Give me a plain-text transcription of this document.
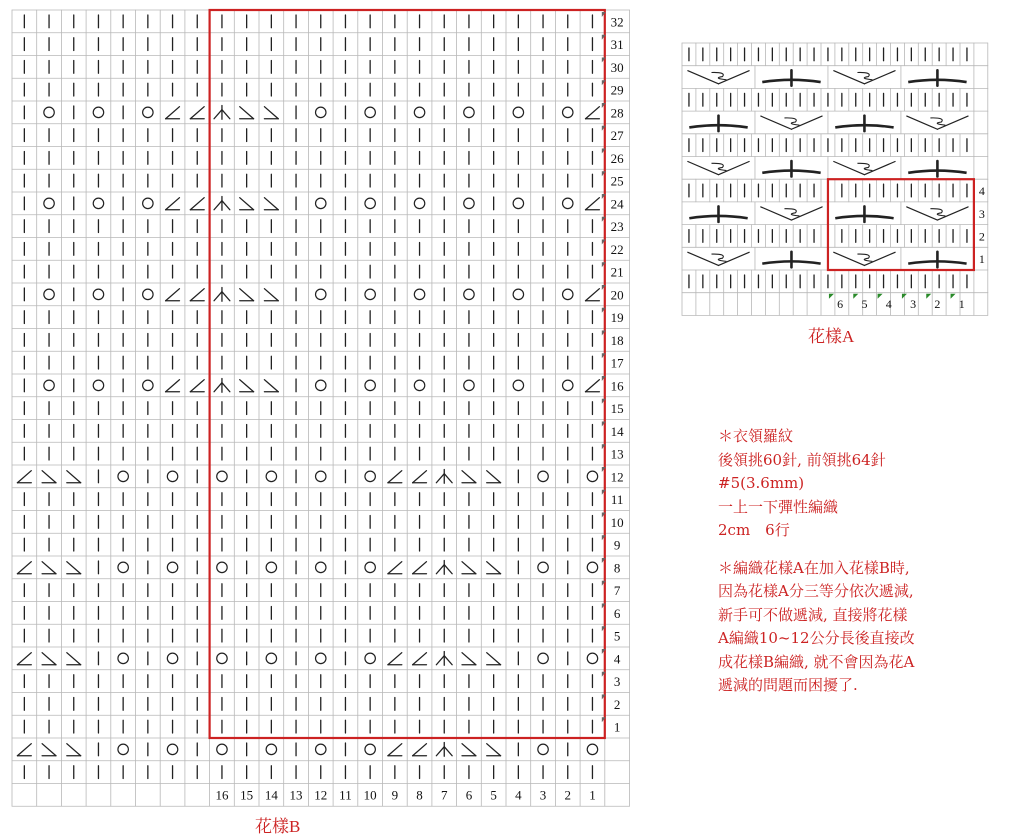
1
2
3
4
5
6
7
8
9
10
11
12
13
14
15
16
17
18
19
20
21
22
23
24
25
26
27
28
29
30
31
32
16 15 14 13 12 11 10 9 8 7 6 5 4 3 2 1
花樣B
1
2
3
4
6 5 4 3 2 1
花樣A
＊衣領羅紋
後領挑60針, 前領挑64針
#5(3.6mm)
一上一下彈性編織
2cm　6行
＊編織花樣A在加入花樣B時,
因為花樣A分三等分依次遞減,
新手可不做遞減, 直接將花樣
A編織10~12公分長後直接改
成花樣B編織, 就不會因為花A
遞減的問題而困擾了.
